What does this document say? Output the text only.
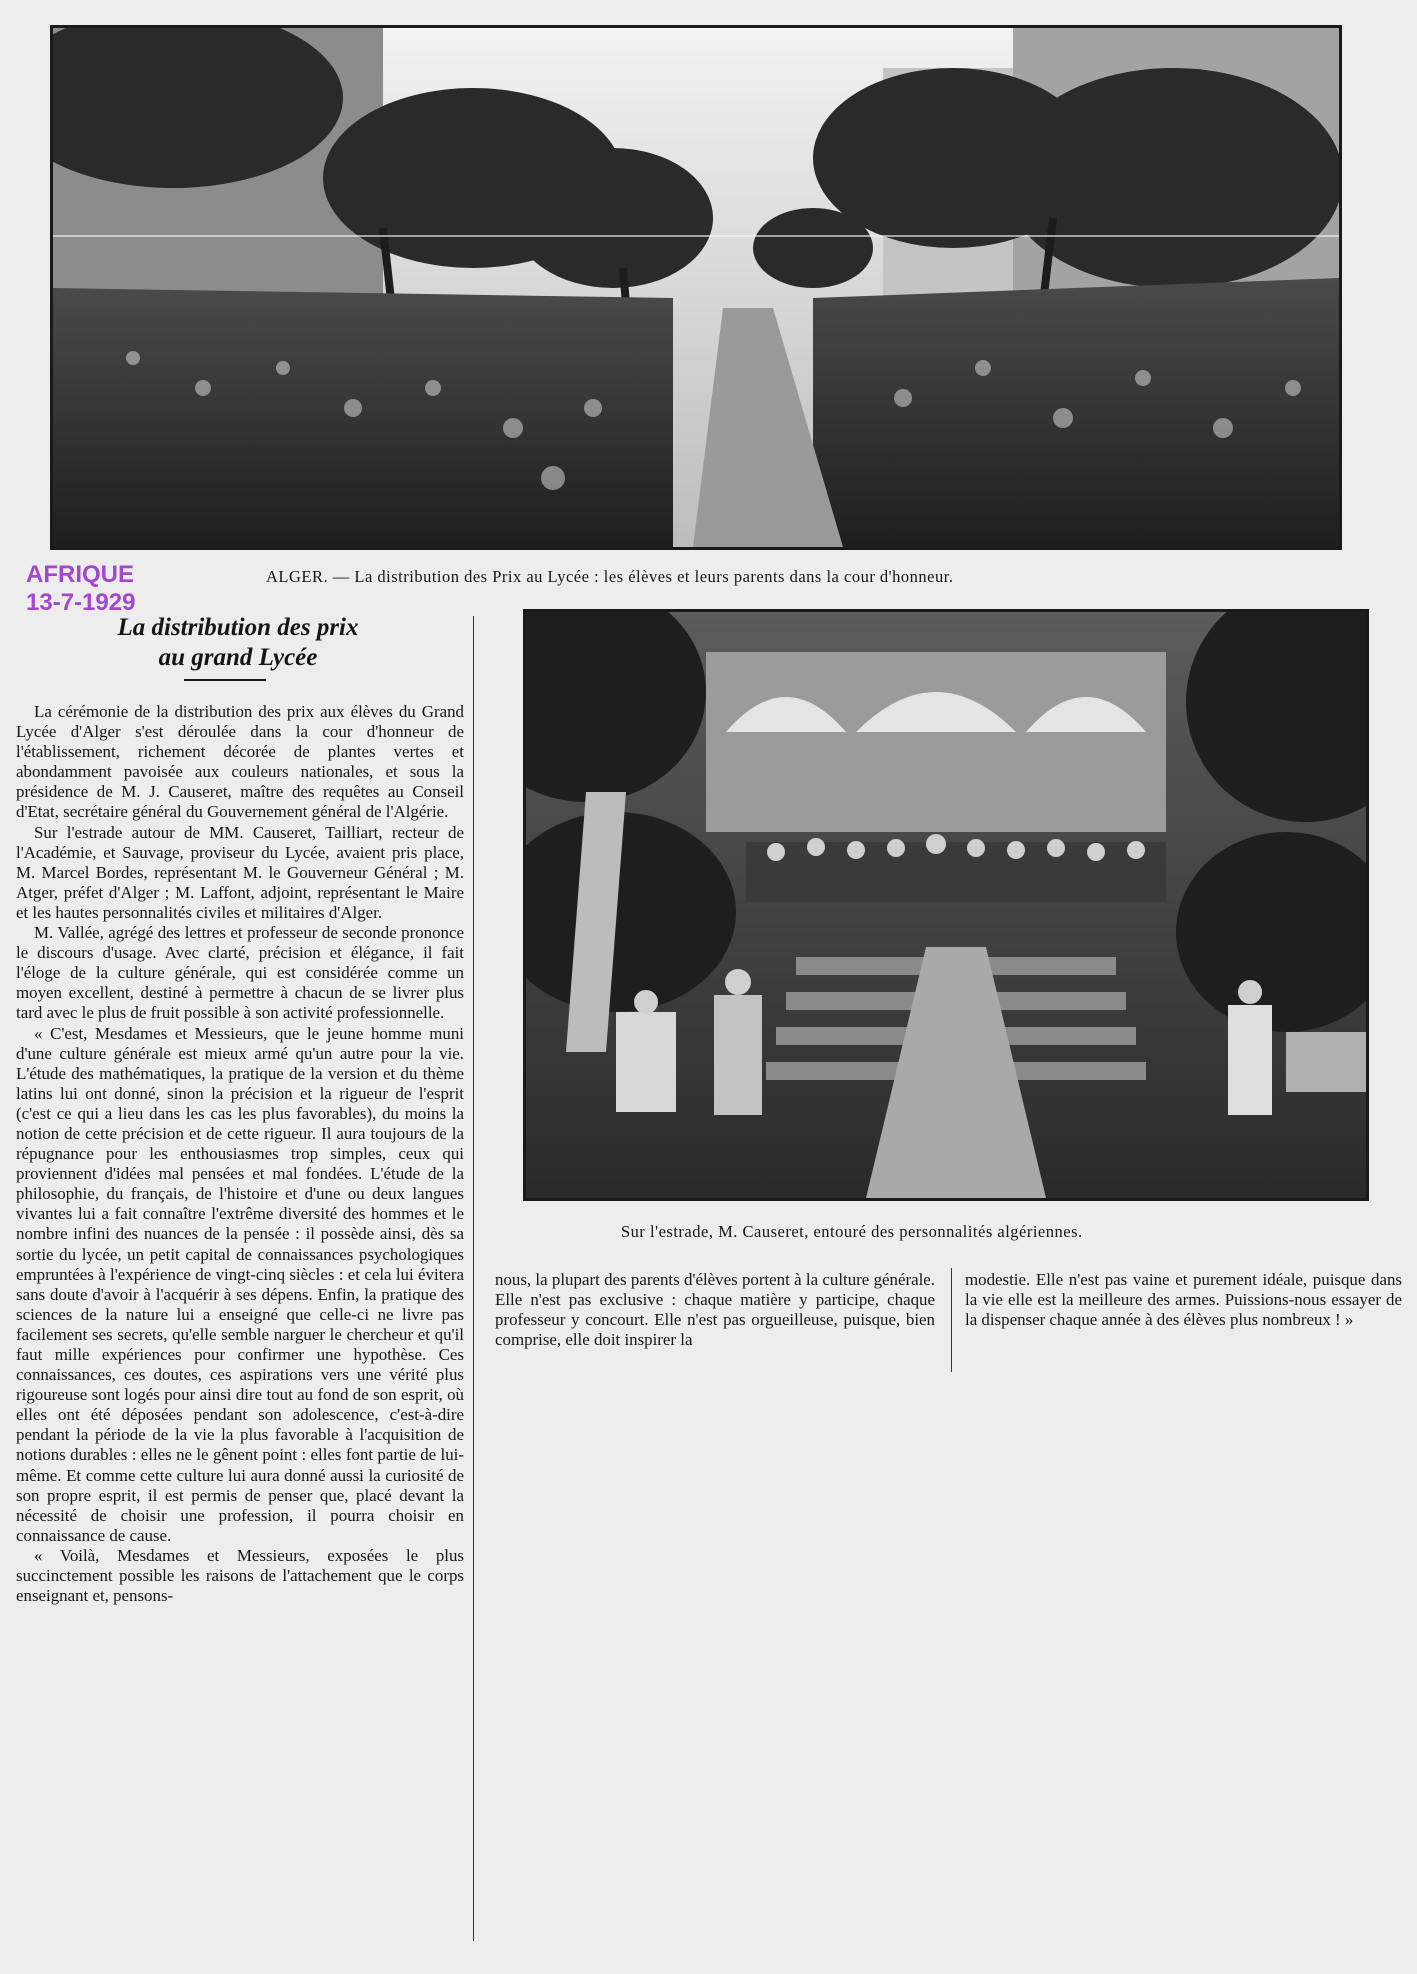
ALGER. — La distribution des Prix au Lycée : les élèves et leurs parents dans la cour d'honneur.
AFRIQUE
13-7-1929
La distribution des prix
au grand Lycée
Sur l'estrade, M. Causeret, entouré des personnalités algériennes.

La cérémonie de la distribution des prix aux élèves du Grand Lycée d'Alger s'est déroulée dans la cour d'honneur de l'établissement, richement décorée de plantes vertes et abondamment pavoisée aux couleurs nationales, et sous la présidence de M. J. Causeret, maître des requêtes au Conseil d'Etat, secrétaire général du Gouvernement général de l'Algérie.

Sur l'estrade autour de MM. Causeret, Tailliart, recteur de l'Académie, et Sauvage, proviseur du Lycée, avaient pris place, M. Marcel Bordes, représentant M. le Gouverneur Général ; M. Atger, préfet d'Alger ; M. Laffont, adjoint, représentant le Maire et les hautes personnalités civiles et militaires d'Alger.

M. Vallée, agrégé des lettres et professeur de seconde prononce le discours d'usage. Avec clarté, précision et élégance, il fait l'éloge de la culture générale, qui est considérée comme un moyen excellent, destiné à permettre à chacun de se livrer plus tard avec le plus de fruit possible à son activité professionnelle.

« C'est, Mesdames et Messieurs, que le jeune homme muni d'une culture générale est mieux armé qu'un autre pour la vie. L'étude des mathématiques, la pratique de la version et du thème latins lui ont donné, sinon la précision et la rigueur de l'esprit (c'est ce qui a lieu dans les cas les plus favorables), du moins la notion de cette précision et de cette rigueur. Il aura toujours de la répugnance pour les enthousiasmes trop simples, ceux qui proviennent d'idées mal pensées et mal fondées. L'étude de la philosophie, du français, de l'histoire et d'une ou deux langues vivantes lui a fait connaître l'extrême diversité des hommes et le nombre infini des nuances de la pensée : il possède ainsi, dès sa sortie du lycée, un petit capital de connaissances psychologiques empruntées à l'expérience de vingt-cinq siècles : et cela lui évitera sans doute d'avoir à l'acquérir à ses dépens. Enfin, la pratique des sciences de la nature lui a enseigné que celle-ci ne livre pas facilement ses secrets, qu'elle semble narguer le chercheur et qu'il faut mille expériences pour confirmer une hypothèse. Ces connaissances, ces doutes, ces aspirations vers une vérité plus rigoureuse sont logés pour ainsi dire tout au fond de son esprit, où elles ont été déposées pendant son adolescence, c'est-à-dire pendant la période de la vie la plus favorable à l'acquisition de notions durables : elles ne le gênent point : elles font partie de lui-même. Et comme cette culture lui aura donné aussi la curiosité de son propre esprit, il est permis de penser que, placé devant la nécessité de choisir une profession, il pourra choisir en connaissance de cause.

« Voilà, Mesdames et Messieurs, exposées le plus succinctement possible les raisons de l'attachement que le corps enseignant et, pensons-

nous, la plupart des parents d'élèves portent à la culture générale. Elle n'est pas exclusive : chaque matière y participe, chaque professeur y concourt. Elle n'est pas orgueilleuse, puisque, bien comprise, elle doit inspirer la

modestie. Elle n'est pas vaine et purement idéale, puisque dans la vie elle est la meilleure des armes. Puissions-nous essayer de la dispenser chaque année à des élèves plus nombreux ! »
